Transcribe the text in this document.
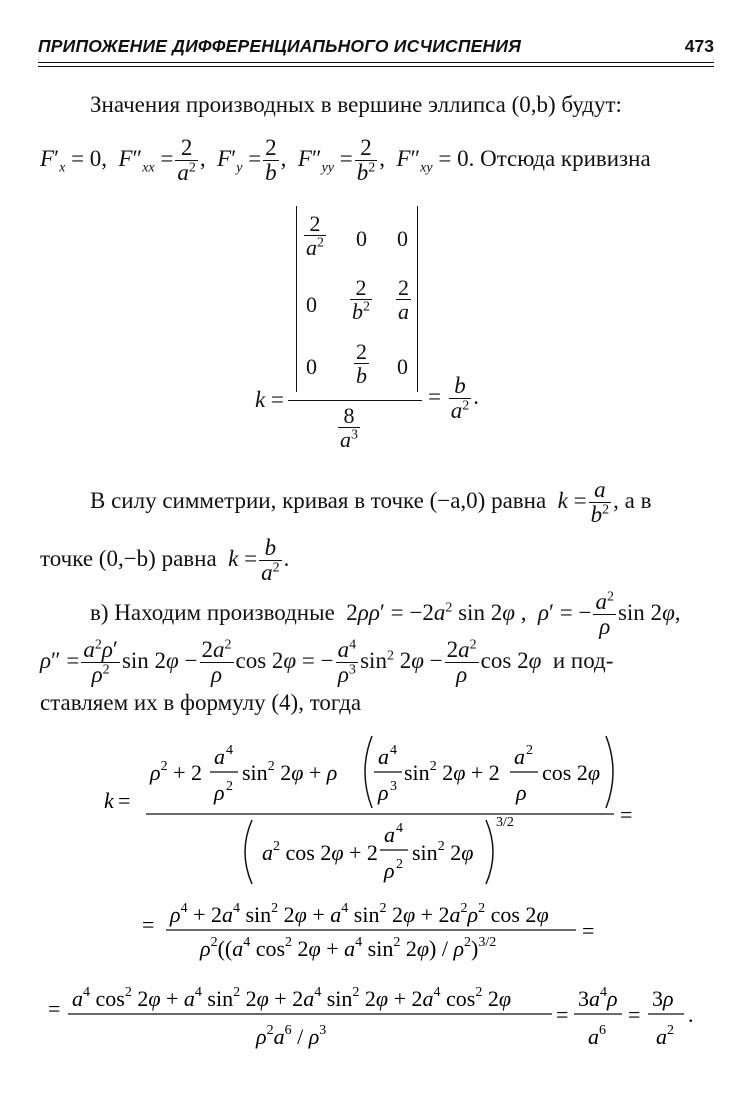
ПРИПОЖЕНИЕ ДИФФЕРЕНЦИАПЬНОГО ИСЧИСПЕНИЯ	473
Значения производных в вершине эллипса (0,b) будут:
$F'_x = 0$,  $F''_{xx} = \frac{2}{a^2}$ ,  $F'_y = \frac{2}{b}$ ,  $F''_{yy} = \frac{2}{b^2}$ ,  $F''_{xy} = 0$. Отсюда кривизна
k =
$\frac{2}{a^2} 0$ 0
$0 \frac{2}{b^2} \frac{2}{a}$
$0 \frac{2}{b} 0$
$\frac{8}{a^3}$
= $\frac{b}{a^2}$ .
В силу симметрии, кривая в точке (−a,0) равна $k = \frac{a}{b^2}$ , а в
точке (0,−b) равна $k = \frac{b}{a^2}$ .
в) Находим производные  $2\rho\rho' = -2a^2$ sin 2φ ,  ρ′ = − $\frac{a^2}{\rho}$ sin 2φ,
$\rho'' = \frac{a^2\rho'}{\rho^2}$ $\sin 2\varphi - \frac{2a^2}{\rho}$ cos 2φ = − $\frac{a^4}{\rho^3} \sin^2 2\varphi - \frac{2a^2}{\rho}$ cos 2φ и под-
ставляем их в формулу (4), тогда
k =
$\rho^2 + 2$
a 4
ρ 2
$\sin^2 2\varphi + \rho$
a 4
ρ 3
$\sin^2 2\varphi + 2$
a 2
ρ
cos 2φ
=
$a^2$ cos 2φ + 2
a 4
ρ 2 $\sin^2 2\varphi$
3/2
= $\rho^4 + 2a^4$ $\sin^2 2\varphi + a^4$ $\sin^2 2\varphi + 2a^2\rho^2$ cos 2φ
=
$\rho^2((a^4$ $\cos^2 2\varphi + a^4$ $\sin^2 2\varphi) / \rho^2)^{3/2}$
= $a^4$ $\cos^2 2\varphi + a^4$ $\sin^2 2\varphi + 2a^4$ $\sin^2 2\varphi + 2a^4$ $\cos^2 2\varphi$
$\rho^2a^6 / \rho^3$
=
$3a^4\rho$
$a^6$
=
3ρ
$a^2$
.
